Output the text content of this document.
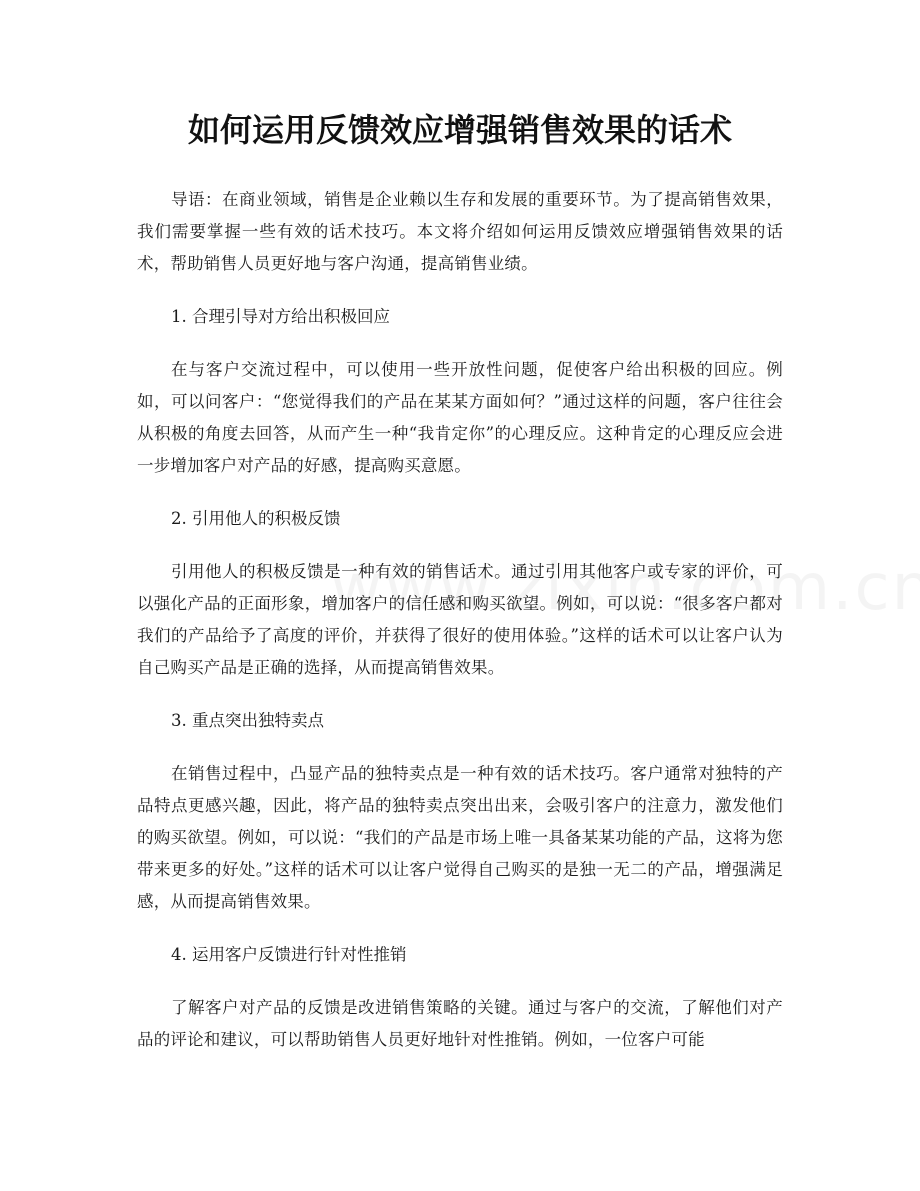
如何运用反馈效应增强销售效果的话术

导语：在商业领域，销售是企业赖以生存和发展的重要环节。为了提高销售效果，我们需要掌握一些有效的话术技巧。本文将介绍如何运用反馈效应增强销售效果的话术，帮助销售人员更好地与客户沟通，提高销售业绩。

1. 合理引导对方给出积极回应

在与客户交流过程中，可以使用一些开放性问题，促使客户给出积极的回应。例如，可以问客户：“您觉得我们的产品在某某方面如何？”通过这样的问题，客户往往会从积极的角度去回答，从而产生一种“我肯定你”的心理反应。这种肯定的心理反应会进一步增加客户对产品的好感，提高购买意愿。

2. 引用他人的积极反馈

引用他人的积极反馈是一种有效的销售话术。通过引用其他客户或专家的评价，可以强化产品的正面形象，增加客户的信任感和购买欲望。例如，可以说：“很多客户都对我们的产品给予了高度的评价，并获得了很好的使用体验。”这样的话术可以让客户认为自己购买产品是正确的选择，从而提高销售效果。

3. 重点突出独特卖点

在销售过程中，凸显产品的独特卖点是一种有效的话术技巧。客户通常对独特的产品特点更感兴趣，因此，将产品的独特卖点突出出来，会吸引客户的注意力，激发他们的购买欲望。例如，可以说：“我们的产品是市场上唯一具备某某功能的产品，这将为您带来更多的好处。”这样的话术可以让客户觉得自己购买的是独一无二的产品，增强满足感，从而提高销售效果。

4. 运用客户反馈进行针对性推销

了解客户对产品的反馈是改进销售策略的关键。通过与客户的交流，了解他们对产品的评论和建议，可以帮助销售人员更好地针对性推销。例如，一位客户可能
